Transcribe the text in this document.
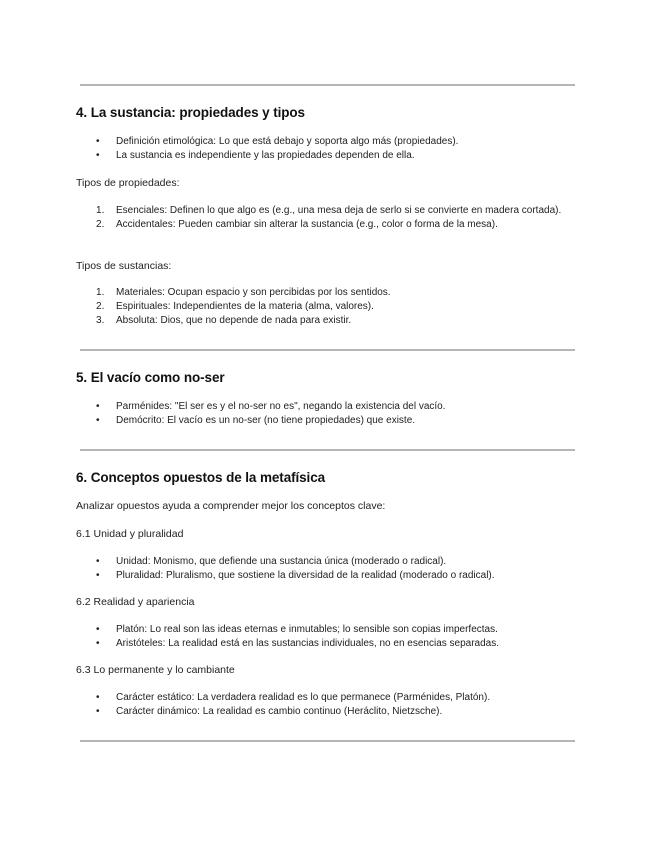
4. La sustancia: propiedades y tipos
• Definición etimológica: Lo que está debajo y soporta algo más (propiedades).
• La sustancia es independiente y las propiedades dependen de ella.

Tipos de propiedades:

Esenciales: Definen lo que algo es (e.g., una mesa deja de serlo si se convierte en madera cortada).
Accidentales: Pueden cambiar sin alterar la sustancia (e.g., color o forma de la mesa).

Tipos de sustancias:

Materiales: Ocupan espacio y son percibidas por los sentidos.
Espirituales: Independientes de la materia (alma, valores).
Absoluta: Dios, que no depende de nada para existir.
5. El vacío como no-ser
• Parménides: "El ser es y el no-ser no es", negando la existencia del vacío.
• Demócrito: El vacío es un no-ser (no tiene propiedades) que existe.
6. Conceptos opuestos de la metafísica

Analizar opuestos ayuda a comprender mejor los conceptos clave:

6.1 Unidad y pluralidad

• Unidad: Monismo, que defiende una sustancia única (moderado o radical).
• Pluralidad: Pluralismo, que sostiene la diversidad de la realidad (moderado o radical).

6.2 Realidad y apariencia

• Platón: Lo real son las ideas eternas e inmutables; lo sensible son copias imperfectas.
• Aristóteles: La realidad está en las sustancias individuales, no en esencias separadas.

6.3 Lo permanente y lo cambiante

• Carácter estático: La verdadera realidad es lo que permanece (Parménides, Platón).
• Carácter dinámico: La realidad es cambio continuo (Heráclito, Nietzsche).
